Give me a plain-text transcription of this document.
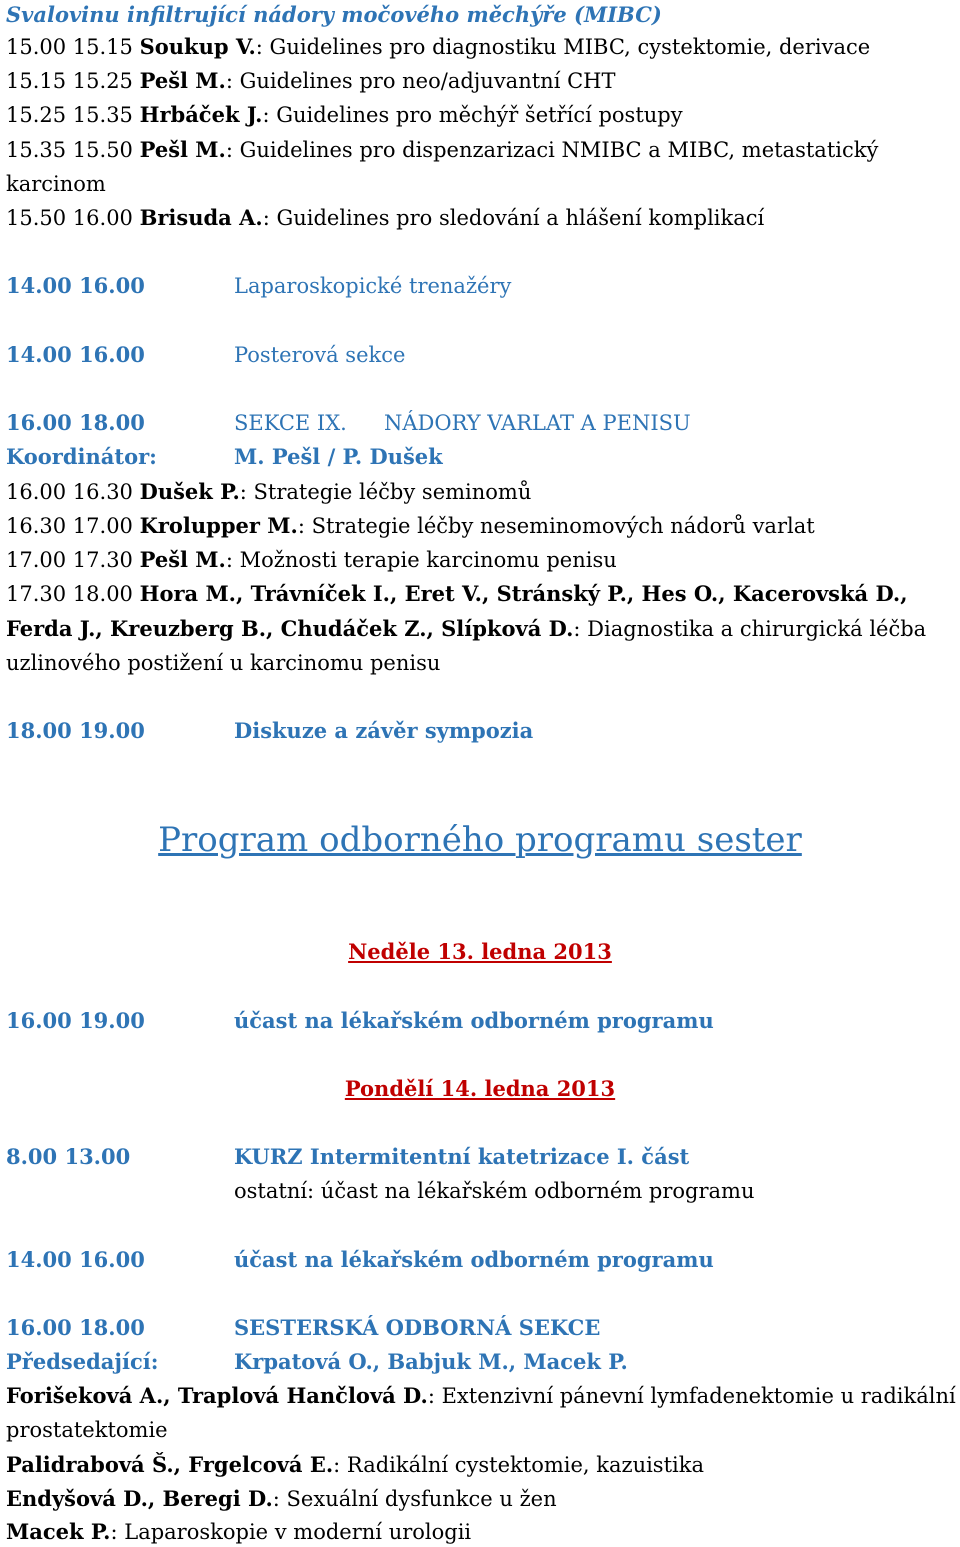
Svalovinu infiltrující nádory močového měchýře (MIBC)
15.00 15.15 Soukup V.: Guidelines pro diagnostiku MIBC, cystektomie, derivace
15.15 15.25 Pešl M.: Guidelines pro neo/adjuvantní CHT
15.25 15.35 Hrbáček J.: Guidelines pro měchýř šetřící postupy
15.35 15.50 Pešl M.: Guidelines pro dispenzarizaci NMIBC a MIBC, metastatický
karcinom
15.50 16.00 Brisuda A.: Guidelines pro sledování a hlášení komplikací
14.00 16.00	Laparoskopické trenažéry
14.00 16.00	Posterová sekce
16.00 18.00	SEKCE IX. NÁDORY VARLAT A PENISU
Koordinátor:	M. Pešl / P. Dušek
16.00 16.30 Dušek P.: Strategie léčby seminomů
16.30 17.00 Krolupper M.: Strategie léčby neseminomových nádorů varlat
17.00 17.30 Pešl M.: Možnosti terapie karcinomu penisu
17.30 18.00 Hora M., Trávníček I., Eret V., Stránský P., Hes O., Kacerovská D.,
Ferda J., Kreuzberg B., Chudáček Z., Slípková D.: Diagnostika a chirurgická léčba
uzlinového postižení u karcinomu penisu
18.00 19.00	Diskuze a závěr sympozia
Program odborného programu sester
Neděle 13. ledna 2013
16.00 19.00	účast na lékařském odborném programu
Pondělí 14. ledna 2013
8.00 13.00	KURZ Intermitentní katetrizace I. část
ostatní: účast na lékařském odborném programu
14.00 16.00	účast na lékařském odborném programu
16.00 18.00	SESTERSKÁ ODBORNÁ SEKCE
Předsedající:	Krpatová O., Babjuk M., Macek P.
Forišeková A., Traplová Hančlová D.: Extenzivní pánevní lymfadenektomie u radikální
prostatektomie
Palidrabová Š., Frgelcová E.: Radikální cystektomie, kazuistika
Endyšová D., Beregi D.: Sexuální dysfunkce u žen
Macek P.: Laparoskopie v moderní urologii
